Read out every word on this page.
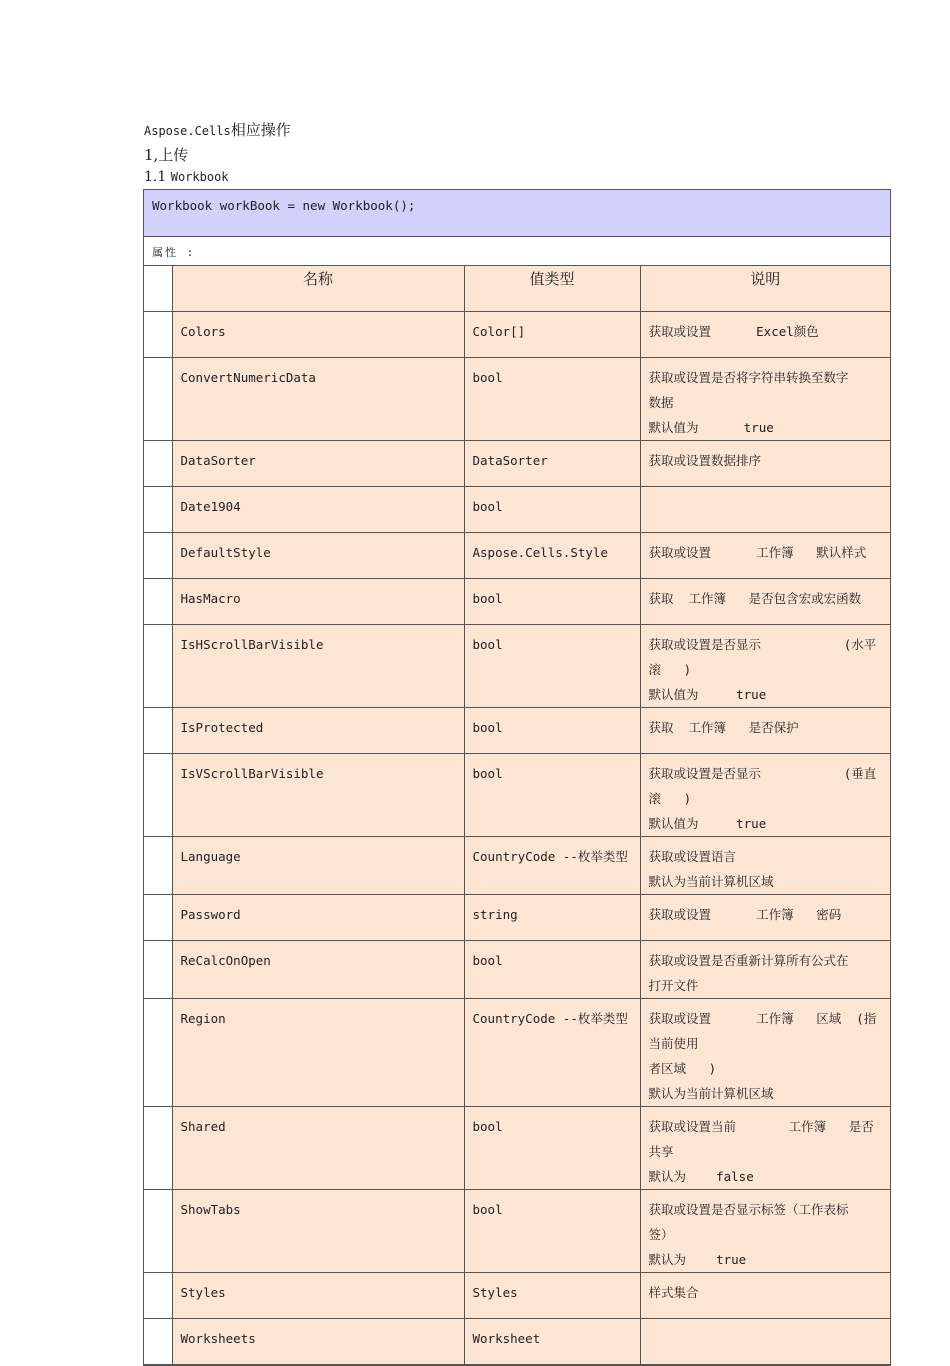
Aspose.Cells相应操作
1,上传
1.1 Workbook
Workbook workBook = new Workbook();
属性 :
	名称	值类型	说明
	Colors	Color[]	获取或设置      Excel颜色

	ConvertNumericData	bool	获取或设置是否将字符串转换至数字
数据
默认值为      true

	DataSorter	DataSorter	获取或设置数据排序

	Date1904	bool	
	DefaultStyle	Aspose.Cells.Style	获取或设置      工作簿   默认样式

	HasMacro	bool	获取  工作簿   是否包含宏或宏函数

	IsHScrollBarVisible	bool	获取或设置是否显示           (水平滚   )
默认值为     true

	IsProtected	bool	获取  工作簿   是否保护

	IsVScrollBarVisible	bool	获取或设置是否显示           (垂直滚   )
默认值为     true

	Language	CountryCode --枚举类型	获取或设置语言
默认为当前计算机区域

	Password	string	获取或设置      工作簿   密码

	ReCalcOnOpen	bool	获取或设置是否重新计算所有公式在
打开文件

	Region	CountryCode --枚举类型	获取或设置      工作簿   区域  (指当前使用
者区域   )
默认为当前计算机区域

	Shared	bool	获取或设置当前       工作簿   是否共享
默认为    false

	ShowTabs	bool	获取或设置是否显示标签（工作表标
签）
默认为    true

	Styles	Styles	样式集合

	Worksheets	Worksheet	
